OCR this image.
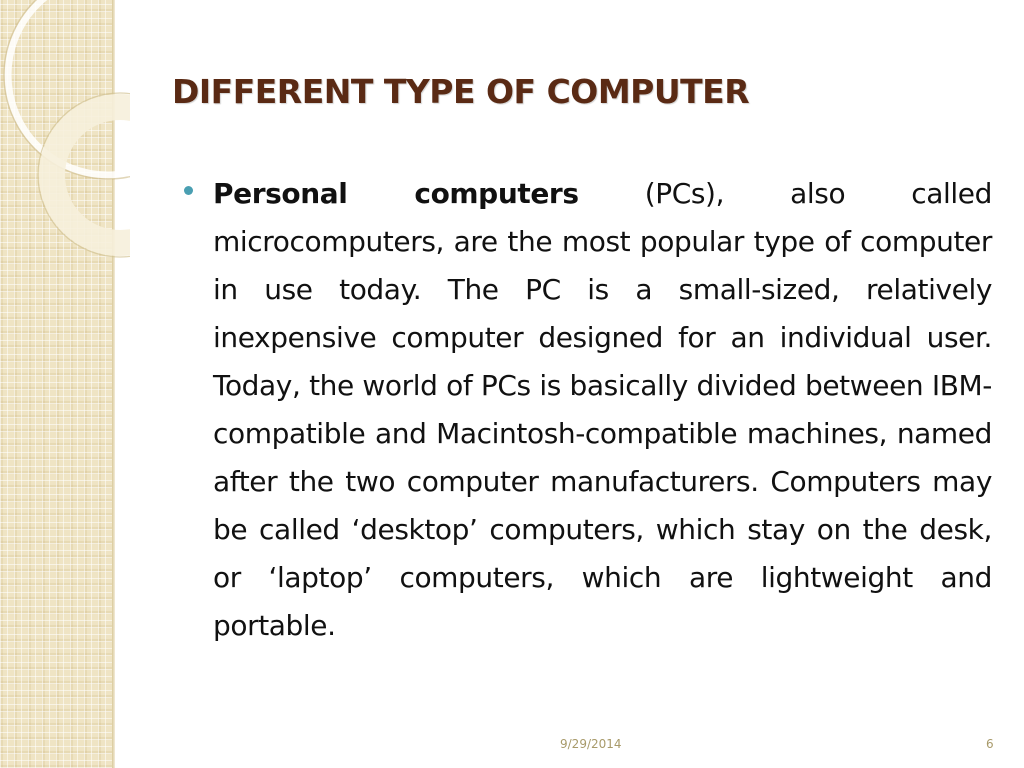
DIFFERENT TYPE OF COMPUTER

Personal computers (PCs), also called microcomputers, are the most popular type of computer in use today. The PC is a small-sized, relatively inexpensive computer designed for an individual user. Today, the world of PCs is basically divided between IBM-compatible and Macintosh-compatible machines, named after the two computer manufacturers. Computers may be called ‘desktop’ computers, which stay on the desk, or ‘laptop’ computers, which are lightweight and portable.

9/29/2014	6
